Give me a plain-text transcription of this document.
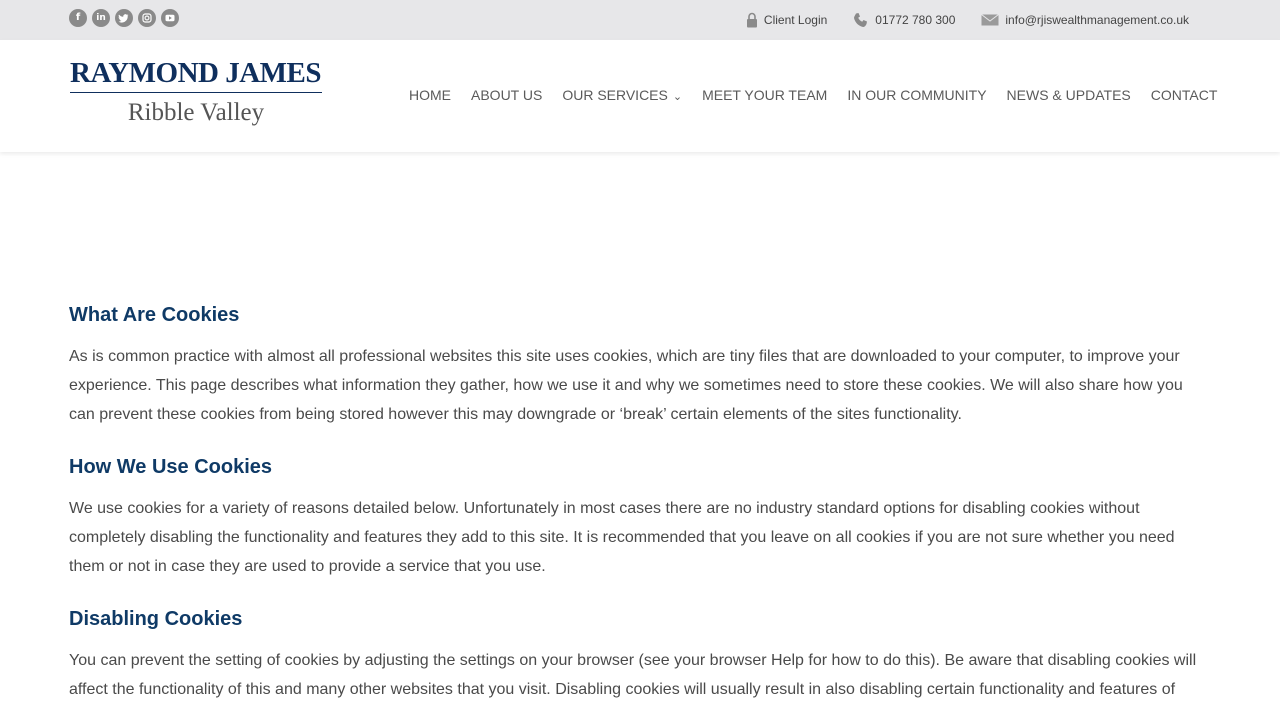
f	in	Client Login	01772 780 300	info@rjiswealthmanagement.co.uk
RAYMOND JAMES
Ribble Valley
HOME ABOUT US OUR SERVICES ⌄ MEET YOUR TEAM IN OUR COMMUNITY NEWS & UPDATES CONTACT
What Are Cookies

As is common practice with almost all professional websites this site uses cookies, which are tiny files that are downloaded to your computer, to improve your experience. This page describes what information they gather, how we use it and why we sometimes need to store these cookies. We will also share how you can prevent these cookies from being stored however this may downgrade or ‘break’ certain elements of the sites functionality.

How We Use Cookies

We use cookies for a variety of reasons detailed below. Unfortunately in most cases there are no industry standard options for disabling cookies without completely disabling the functionality and features they add to this site. It is recommended that you leave on all cookies if you are not sure whether you need them or not in case they are used to provide a service that you use.

Disabling Cookies

You can prevent the setting of cookies by adjusting the settings on your browser (see your browser Help for how to do this). Be aware that disabling cookies will affect the functionality of this and many other websites that you visit. Disabling cookies will usually result in also disabling certain functionality and features of
